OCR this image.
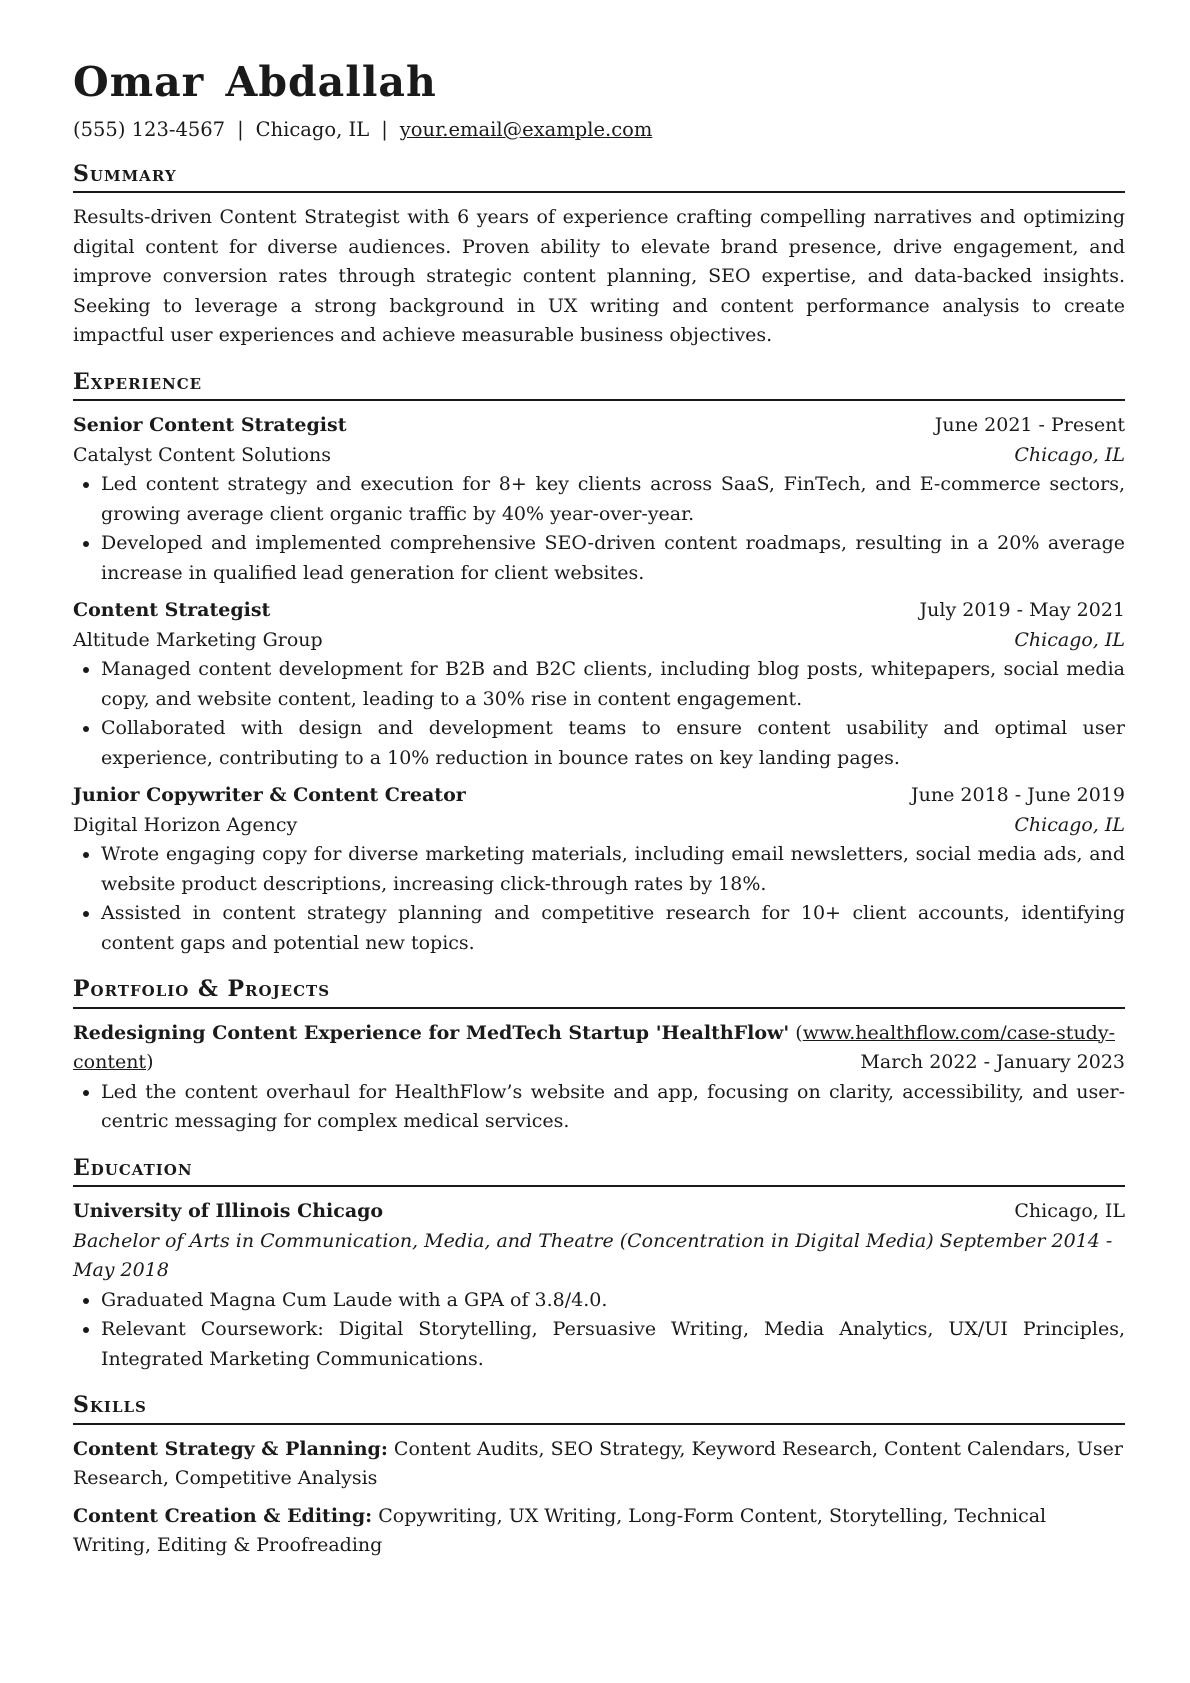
Omar Abdallah
(555) 123-4567 | Chicago, IL | your.email@example.com
Summary

Results-driven Content Strategist with 6 years of experience crafting compelling narratives and optimizing digital content for diverse audiences. Proven ability to elevate brand presence, drive engagement, and improve conversion rates through strategic content planning, SEO expertise, and data-backed insights. Seeking to leverage a strong background in UX writing and content performance analysis to create impactful user experiences and achieve measurable business objectives.

Experience
Senior Content Strategist	June 2021 - Present
Catalyst Content Solutions	Chicago, IL
• Led content strategy and execution for 8+ key clients across SaaS, FinTech, and E-commerce sectors, growing average client organic traffic by 40% year-over-year.
• Developed and implemented comprehensive SEO-driven content roadmaps, resulting in a 20% average increase in qualified lead generation for client websites.
Content Strategist	July 2019 - May 2021
Altitude Marketing Group	Chicago, IL
• Managed content development for B2B and B2C clients, including blog posts, whitepapers, social media copy, and website content, leading to a 30% rise in content engagement.
• Collaborated with design and development teams to ensure content usability and optimal user experience, contributing to a 10% reduction in bounce rates on key landing pages.
Junior Copywriter & Content Creator	June 2018 - June 2019
Digital Horizon Agency	Chicago, IL
• Wrote engaging copy for diverse marketing materials, including email newsletters, social media ads, and website product descriptions, increasing click-through rates by 18%.
• Assisted in content strategy planning and competitive research for 10+ client accounts, identifying content gaps and potential new topics.
Portfolio & Projects
Redesigning Content Experience for MedTech Startup 'HealthFlow' (www.healthflow.com/case-study-content)	March 2022 - January 2023
• Led the content overhaul for HealthFlow’s website and app, focusing on clarity, accessibility, and user-centric messaging for complex medical services.
Education
University of Illinois Chicago	Chicago, IL
Bachelor of Arts in Communication, Media, and Theatre (Concentration in Digital Media) September 2014 - May 2018
• Graduated Magna Cum Laude with a GPA of 3.8/4.0.
• Relevant Coursework: Digital Storytelling, Persuasive Writing, Media Analytics, UX/UI Principles, Integrated Marketing Communications.
Skills
Content Strategy & Planning: Content Audits, SEO Strategy, Keyword Research, Content Calendars, User Research, Competitive Analysis
Content Creation & Editing: Copywriting, UX Writing, Long-Form Content, Storytelling, Technical Writing, Editing & Proofreading
